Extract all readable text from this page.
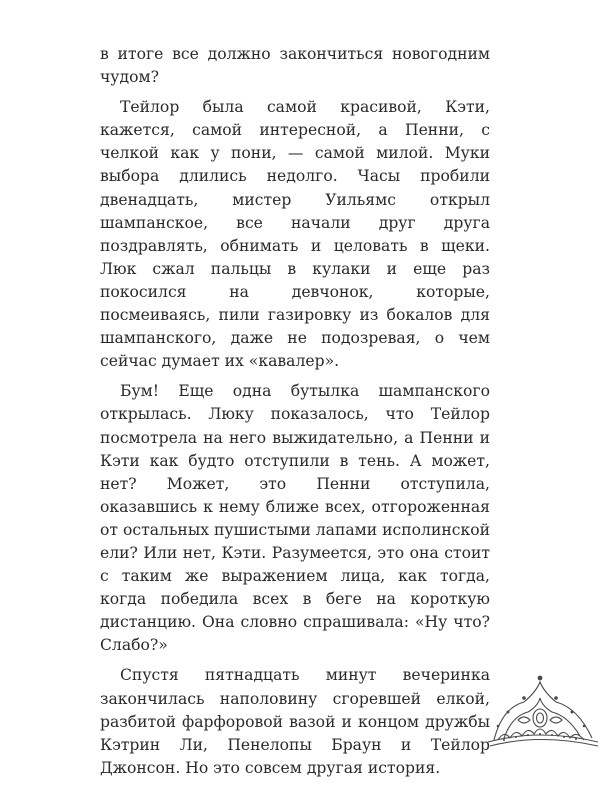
в итоге все должно закончиться новогодним чудом?

Тейлор была самой красивой, Кэти, кажется, самой интересной, а Пенни, с челкой как у пони, — самой милой. Муки выбора длились недолго. Часы пробили двенадцать, мистер Уильямс открыл шампанское, все начали друг друга поздравлять, обнимать и целовать в щеки. Люк сжал пальцы в кулаки и еще раз покосился на девчонок, которые, посмеиваясь, пили газировку из бокалов для шампанского, даже не подозревая, о чем сейчас думает их «кавалер».

Бум! Еще одна бутылка шампанского открылась. Люку показалось, что Тейлор посмотрела на него выжидательно, а Пенни и Кэти как будто отступили в тень. А может, нет? Может, это Пенни отступила, оказавшись к нему ближе всех, отгороженная от остальных пушистыми лапами исполинской ели? Или нет, Кэти. Разумеется, это она стоит с таким же выражением лица, как тогда, когда победила всех в беге на короткую дистанцию. Она словно спрашивала: «Ну что? Слабо?»

Спустя пятнадцать минут вечеринка закончилась наполовину сгоревшей елкой, разбитой фарфоровой вазой и концом дружбы Кэтрин Ли, Пенелопы Браун и Тейлор Джонсон. Но это совсем другая история.
